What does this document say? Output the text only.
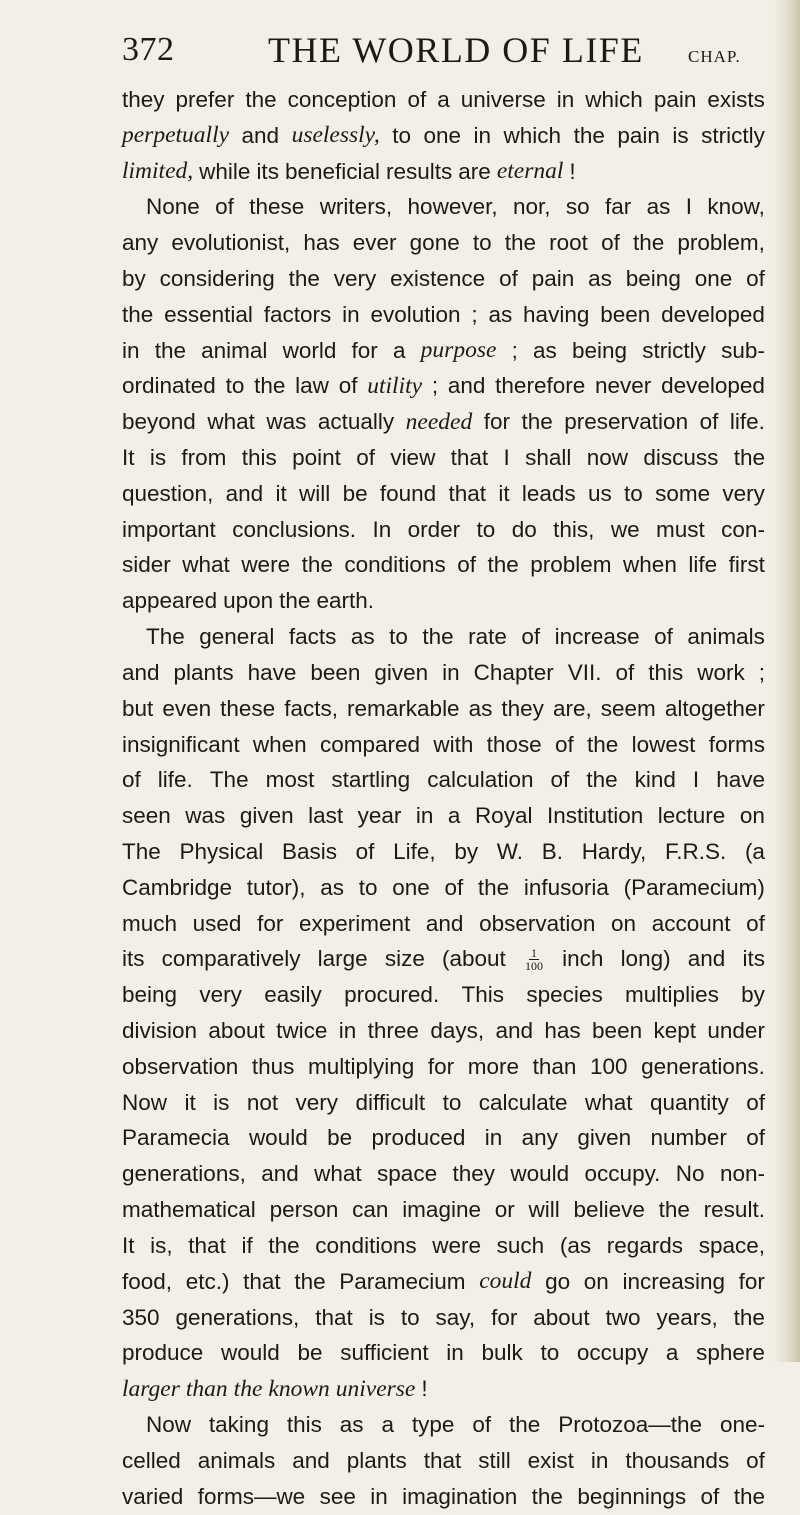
372	THE WORLD OF LIFE	CHAP.
they prefer the conception of a universe in which pain exists
perpetually and uselessly, to one in which the pain is strictly
limited, while its beneficial results are eternal !
None of these writers, however, nor, so far as I know,
any evolutionist, has ever gone to the root of the problem,
by considering the very existence of pain as being one of
the essential factors in evolution ; as having been developed
in the animal world for a purpose ; as being strictly sub-
ordinated to the law of utility ; and therefore never developed
beyond what was actually needed for the preservation of life.
It is from this point of view that I shall now discuss the
question, and it will be found that it leads us to some very
important conclusions. In order to do this, we must con-
sider what were the conditions of the problem when life first
appeared upon the earth.
The general facts as to the rate of increase of animals
and plants have been given in Chapter VII. of this work ;
but even these facts, remarkable as they are, seem altogether
insignificant when compared with those of the lowest forms
of life. The most startling calculation of the kind I have
seen was given last year in a Royal Institution lecture on
The Physical Basis of Life, by W. B. Hardy, F.R.S. (a
Cambridge tutor), as to one of the infusoria (Paramecium)
much used for experiment and observation on account of
its comparatively large size (about $\frac{1}{100}$ inch long) and its
being very easily procured. This species multiplies by
division about twice in three days, and has been kept under
observation thus multiplying for more than 100 generations.
Now it is not very difficult to calculate what quantity of
Paramecia would be produced in any given number of
generations, and what space they would occupy. No non-
mathematical person can imagine or will believe the result.
It is, that if the conditions were such (as regards space,
food, etc.) that the Paramecium could go on increasing for
350 generations, that is to say, for about two years, the
produce would be sufficient in bulk to occupy a sphere
larger than the known universe !
Now taking this as a type of the Protozoa—the one-
celled animals and plants that still exist in thousands of
varied forms—we see in imagination the beginnings of the
